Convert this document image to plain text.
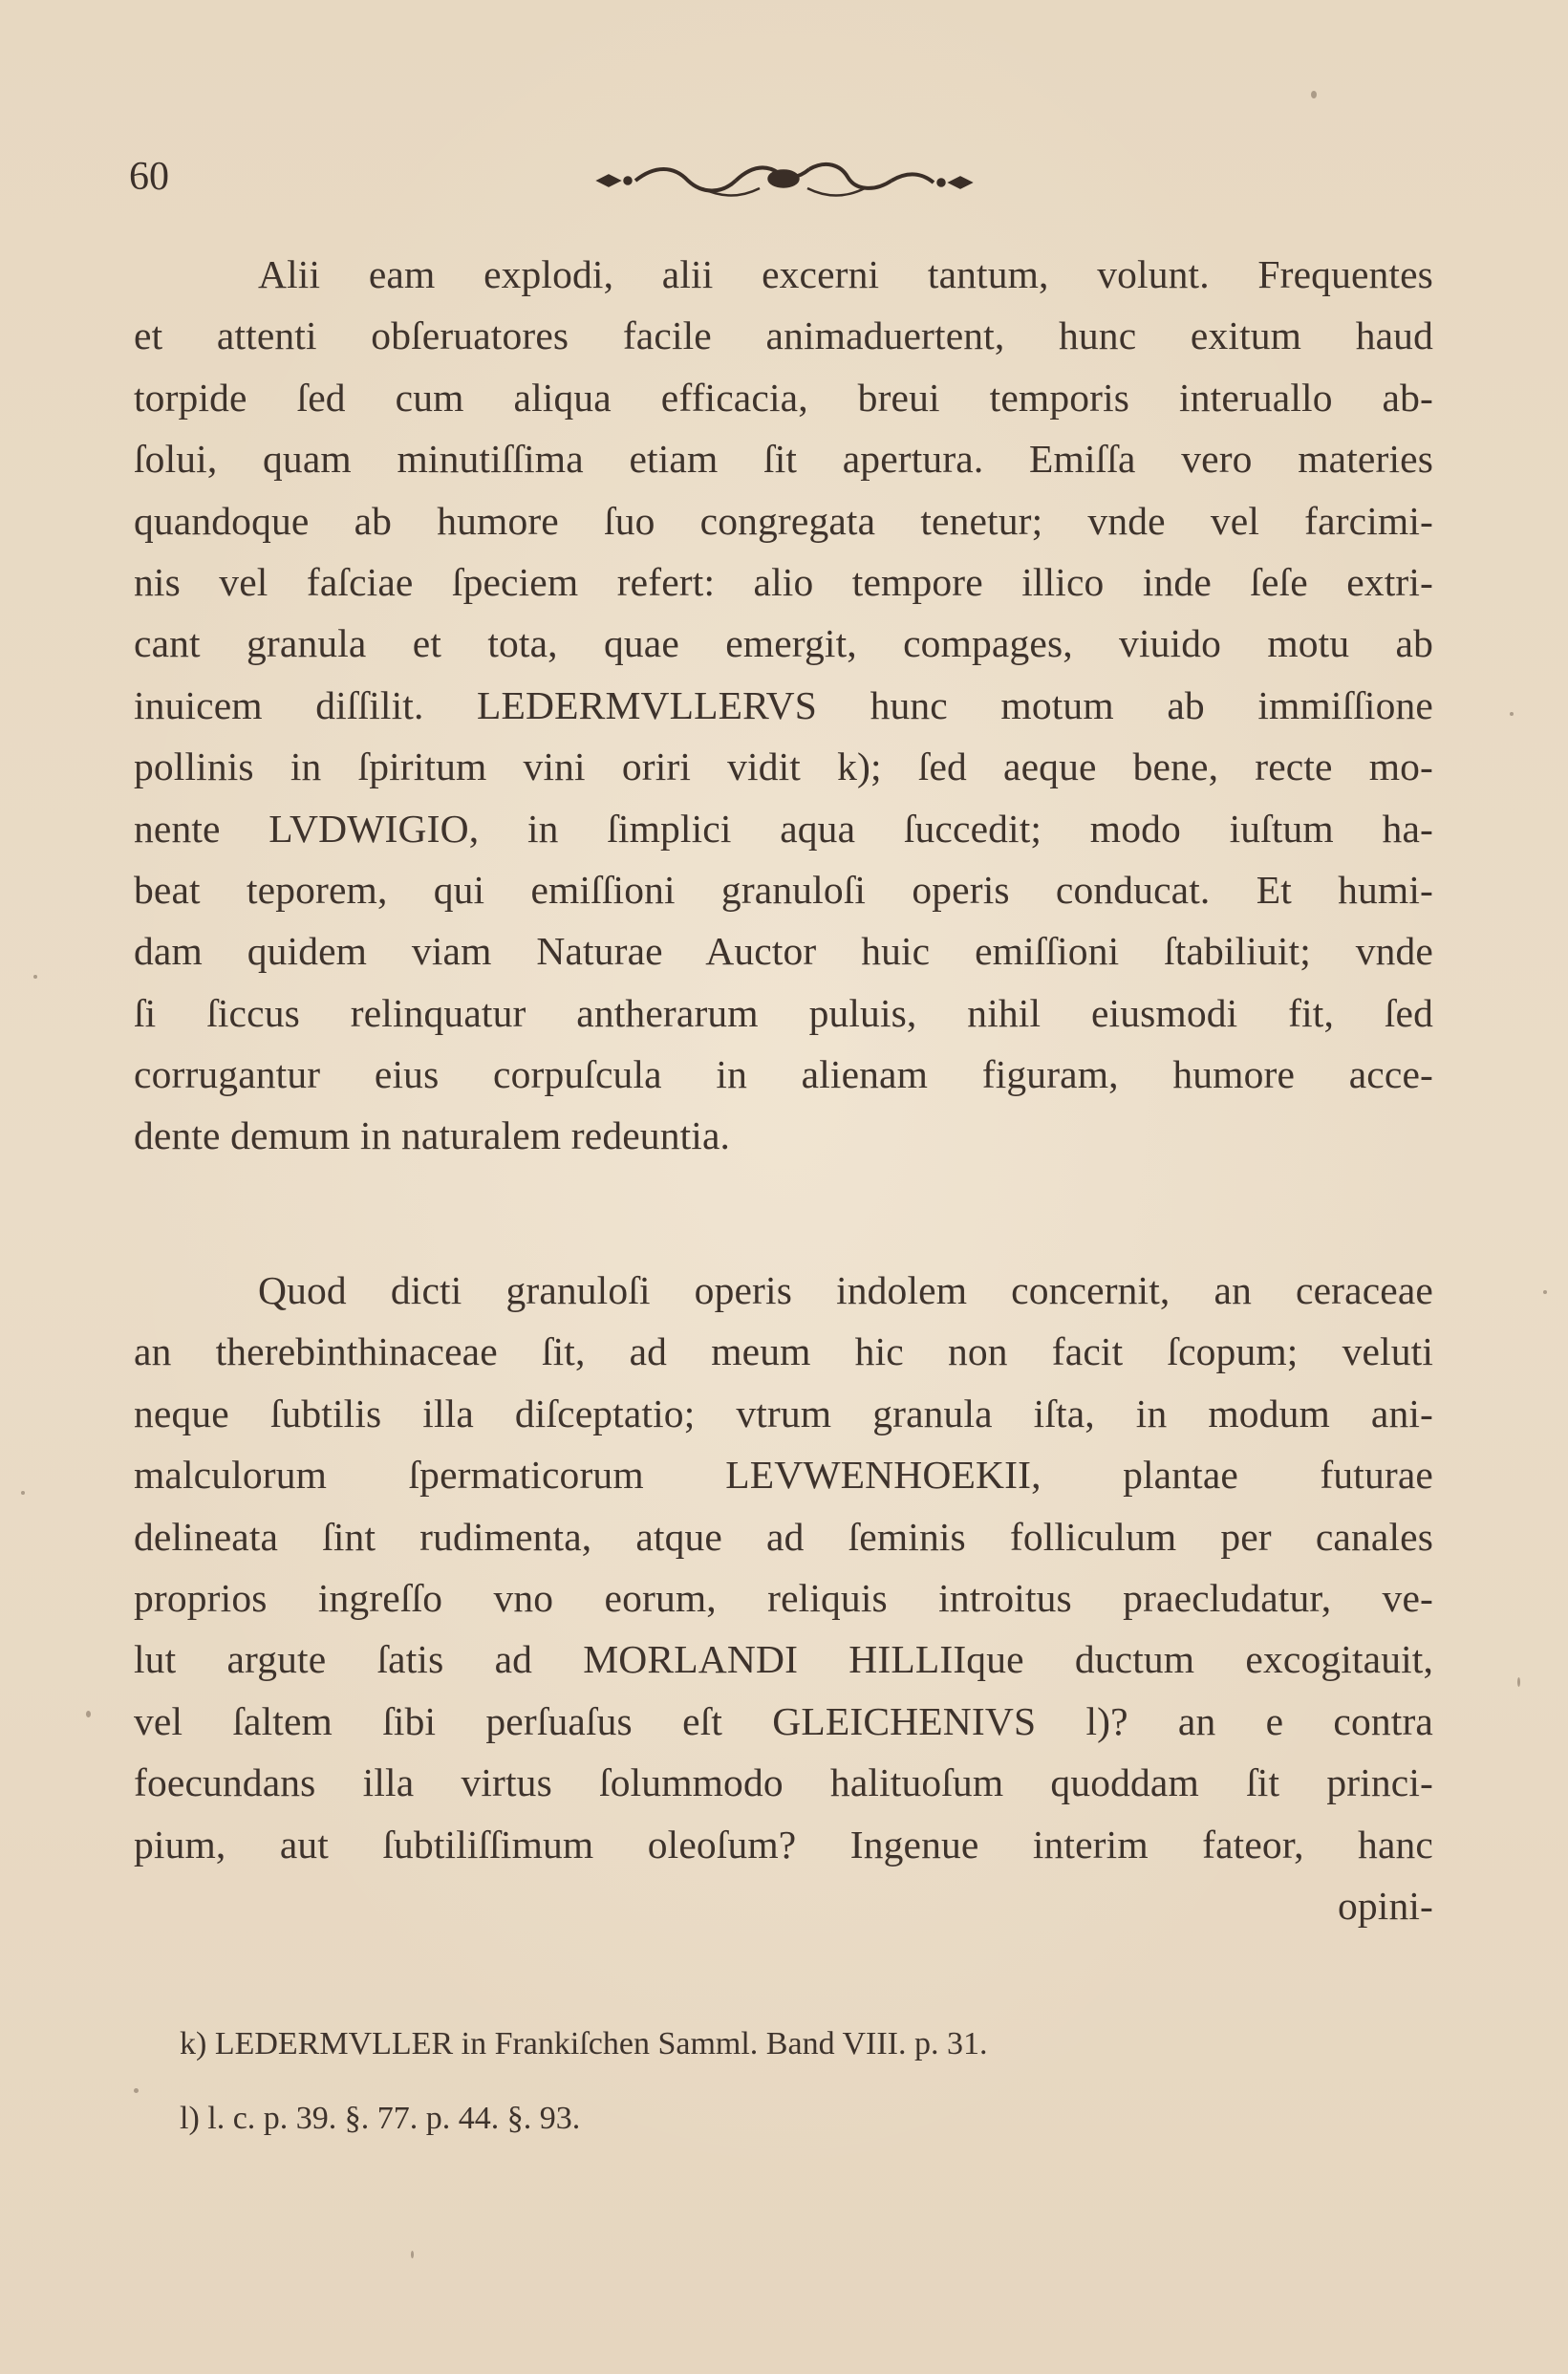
60
Alii eam explodi, alii excerni tantum, volunt. Frequentes
et attenti obſeruatores facile animaduertent, hunc exitum haud
torpide ſed cum aliqua efficacia, breui temporis interuallo ab-
ſolui, quam minutiſſima etiam ſit apertura. Emiſſa vero materies
quandoque ab humore ſuo congregata tenetur; vnde vel farcimi-
nis vel faſciae ſpeciem refert: alio tempore illico inde ſeſe extri-
cant granula et tota, quae emergit, compages, viuido motu ab
inuicem diſſilit. LEDERMVLLERVS hunc motum ab immiſſione
pollinis in ſpiritum vini oriri vidit k); ſed aeque bene, recte mo-
nente LVDWIGIO, in ſimplici aqua ſuccedit; modo iuſtum ha-
beat teporem, qui emiſſioni granuloſi operis conducat. Et humi-
dam quidem viam Naturae Auctor huic emiſſioni ſtabiliuit; vnde
ſi ſiccus relinquatur antherarum puluis, nihil eiusmodi fit, ſed
corrugantur eius corpuſcula in alienam figuram, humore acce-
dente demum in naturalem redeuntia.
Quod dicti granuloſi operis indolem concernit, an ceraceae
an therebinthinaceae ſit, ad meum hic non facit ſcopum; veluti
neque ſubtilis illa diſceptatio; vtrum granula iſta, in modum ani-
malculorum ſpermaticorum LEVWENHOEKII, plantae futurae
delineata ſint rudimenta, atque ad ſeminis folliculum per canales
proprios ingreſſo vno eorum, reliquis introitus praecludatur, ve-
lut argute ſatis ad MORLANDI HILLIIque ductum excogitauit,
vel ſaltem ſibi perſuaſus eſt GLEICHENIVS l)? an e contra
foecundans illa virtus ſolummodo halituoſum quoddam ſit princi-
pium, aut ſubtiliſſimum oleoſum? Ingenue interim fateor, hanc
opini-
k) LEDERMVLLER in Frankiſchen Samml. Band VIII. p. 31.
l) l. c. p. 39. §. 77. p. 44. §. 93.
